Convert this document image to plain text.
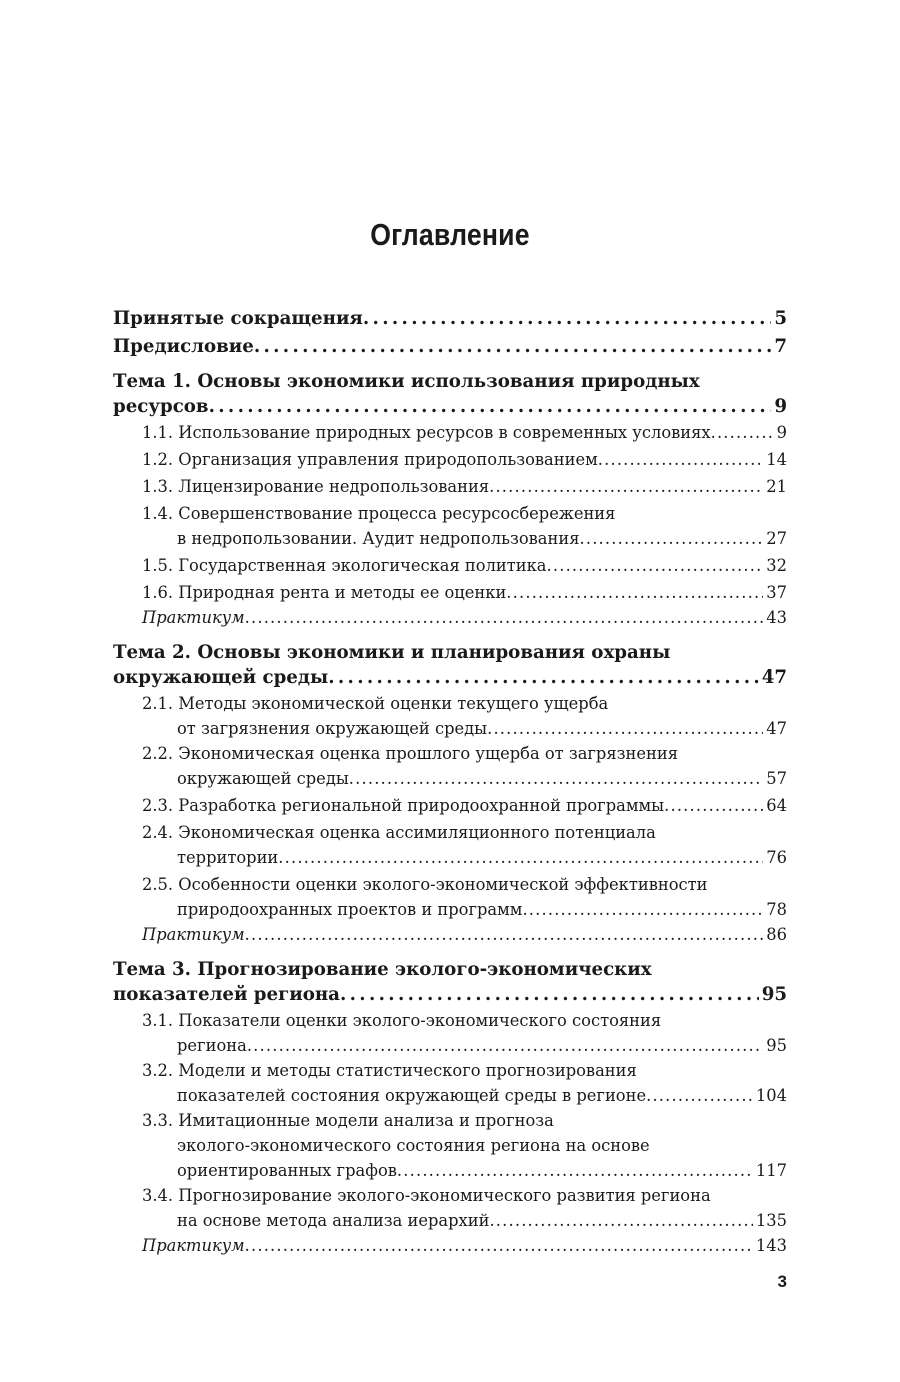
Оглавление
Принятые сокращения . . .	5
Предисловие . . .	7
Тема 1. Основы экономики использования природных
ресурсов . . .	9
1.1. Использование природных ресурсов в современных условиях . . .	9
1.2. Организация управления природопользованием . . .	14
1.3. Лицензирование недропользования . . .	21
1.4. Совершенствование процесса ресурсосбережения
в недропользовании. Аудит недропользования . . .	27
1.5. Государственная экологическая политика . . .	32
1.6. Природная рента и методы ее оценки . . .	37
Практикум . . .	43
Тема 2. Основы экономики и планирования охраны
окружающей среды . . .	47
2.1. Методы экономической оценки текущего ущерба
от загрязнения окружающей среды . . .	47
2.2. Экономическая оценка прошлого ущерба от загрязнения
окружающей среды . . .	57
2.3. Разработка региональной природоохранной программы . . .	64
2.4. Экономическая оценка ассимиляционного потенциала
территории . . .	76
2.5. Особенности оценки эколого-экономической эффективности
природоохранных проектов и программ . . .	78
Практикум . . .	86
Тема 3. Прогнозирование эколого-экономических
показателей региона . . .	95
3.1. Показатели оценки эколого-экономического состояния
региона . . .	95
3.2. Модели и методы статистического прогнозирования
показателей состояния окружающей среды в регионе . . .	104
3.3. Имитационные модели анализа и прогноза
эколого-экономического состояния региона на основе
ориентированных графов . . .	117
3.4. Прогнозирование эколого-экономического развития региона
на основе метода анализа иерархий . . .	135
Практикум . . .	143
3
